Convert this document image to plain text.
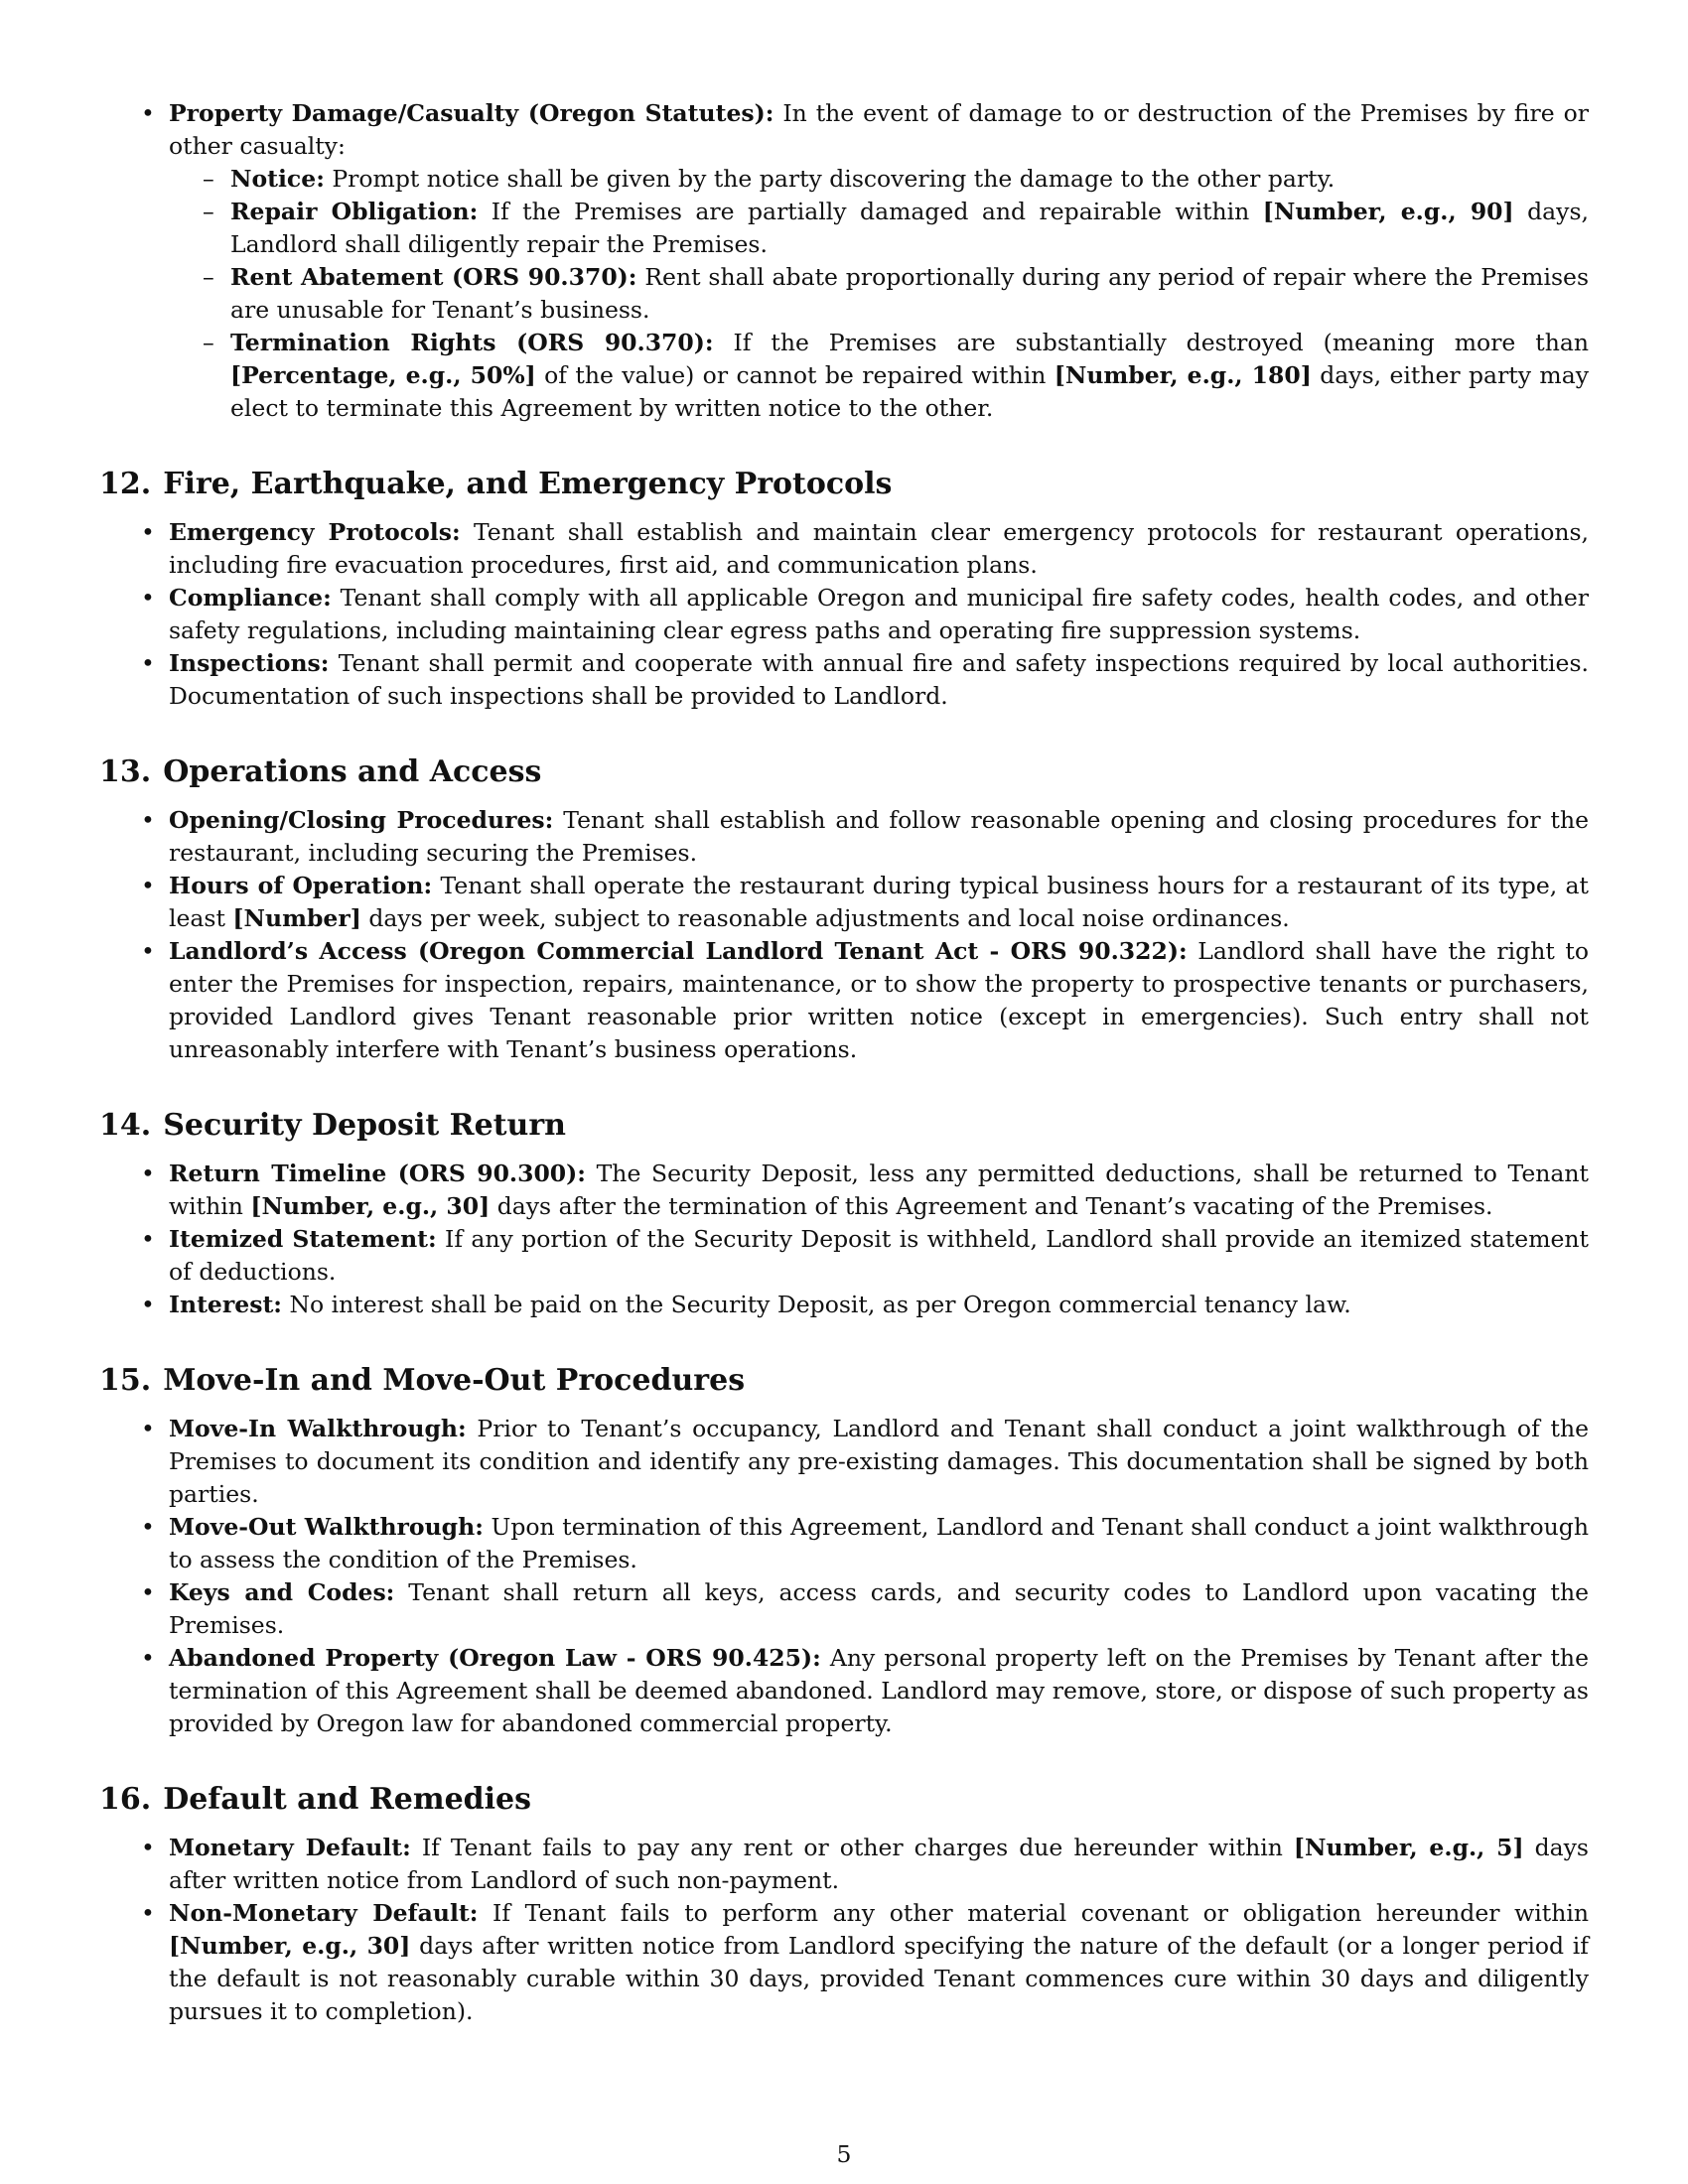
• Property Damage/Casualty (Oregon Statutes): In the event of damage to or destruction of the Premises by fire or other casualty:
– Notice: Prompt notice shall be given by the party discovering the damage to the other party.
– Repair Obligation: If the Premises are partially damaged and repairable within [Number, e.g., 90] days, Landlord shall diligently repair the Premises.
– Rent Abatement (ORS 90.370): Rent shall abate proportionally during any period of repair where the Premises are unusable for Tenant’s business.
– Termination Rights (ORS 90.370): If the Premises are substantially destroyed (meaning more than [Percentage, e.g., 50%] of the value) or cannot be repaired within [Number, e.g., 180] days, either party may elect to terminate this Agreement by written notice to the other.
12. Fire, Earthquake, and Emergency Protocols
• Emergency Protocols: Tenant shall establish and maintain clear emergency protocols for restaurant operations, including fire evacuation procedures, first aid, and communication plans.
• Compliance: Tenant shall comply with all applicable Oregon and municipal fire safety codes, health codes, and other safety regulations, including maintaining clear egress paths and operating fire suppression systems.
• Inspections: Tenant shall permit and cooperate with annual fire and safety inspections required by local authorities. Documentation of such inspections shall be provided to Landlord.
13. Operations and Access
• Opening/Closing Procedures: Tenant shall establish and follow reasonable opening and closing procedures for the restaurant, including securing the Premises.
• Hours of Operation: Tenant shall operate the restaurant during typical business hours for a restaurant of its type, at least [Number] days per week, subject to reasonable adjustments and local noise ordinances.
• Landlord’s Access (Oregon Commercial Landlord Tenant Act - ORS 90.322): Landlord shall have the right to enter the Premises for inspection, repairs, maintenance, or to show the property to prospective tenants or purchasers, provided Landlord gives Tenant reasonable prior written notice (except in emergencies). Such entry shall not unreasonably interfere with Tenant’s business operations.
14. Security Deposit Return
• Return Timeline (ORS 90.300): The Security Deposit, less any permitted deductions, shall be returned to Tenant within [Number, e.g., 30] days after the termination of this Agreement and Tenant’s vacating of the Premises.
• Itemized Statement: If any portion of the Security Deposit is withheld, Landlord shall provide an itemized statement of deductions.
• Interest: No interest shall be paid on the Security Deposit, as per Oregon commercial tenancy law.
15. Move-In and Move-Out Procedures
• Move-In Walkthrough: Prior to Tenant’s occupancy, Landlord and Tenant shall conduct a joint walkthrough of the Premises to document its condition and identify any pre-existing damages. This documentation shall be signed by both parties.
• Move-Out Walkthrough: Upon termination of this Agreement, Landlord and Tenant shall conduct a joint walkthrough to assess the condition of the Premises.
• Keys and Codes: Tenant shall return all keys, access cards, and security codes to Landlord upon vacating the Premises.
• Abandoned Property (Oregon Law - ORS 90.425): Any personal property left on the Premises by Tenant after the termination of this Agreement shall be deemed abandoned. Landlord may remove, store, or dispose of such property as provided by Oregon law for abandoned commercial property.
16. Default and Remedies
• Monetary Default: If Tenant fails to pay any rent or other charges due hereunder within [Number, e.g., 5] days after written notice from Landlord of such non-payment.
• Non-Monetary Default: If Tenant fails to perform any other material covenant or obligation hereunder within [Number, e.g., 30] days after written notice from Landlord specifying the nature of the default (or a longer period if the default is not reasonably curable within 30 days, provided Tenant commences cure within 30 days and diligently pursues it to completion).
5
